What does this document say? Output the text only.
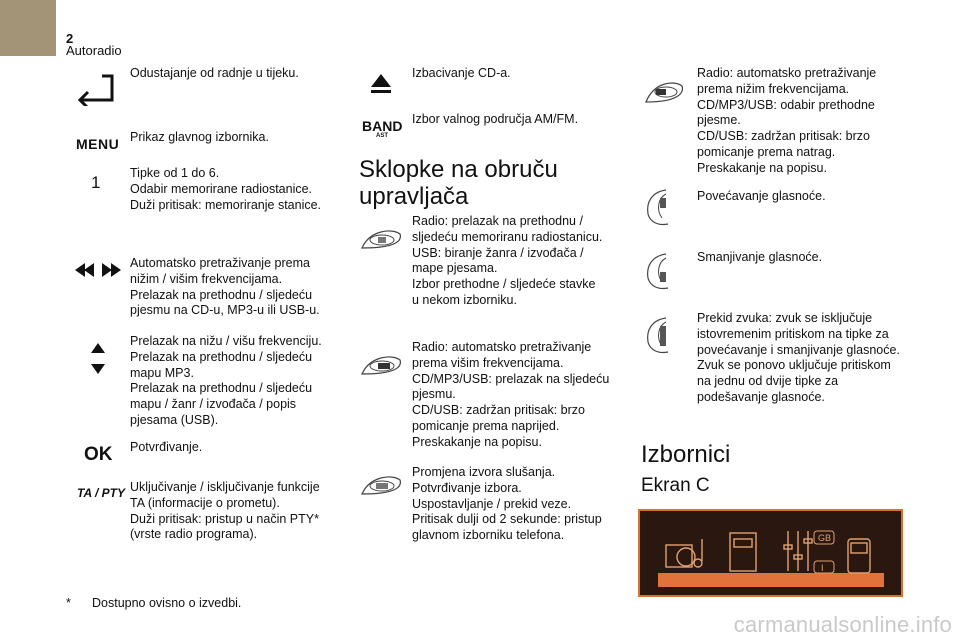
2
Autoradio
Odustajanje od radnje u tijeku.
MENU Prikaz glavnog izbornika.
1 Tipke od 1 do 6.
Odabir memorirane radiostanice.
Duži pritisak: memoriranje stanice.
Automatsko pretraživanje prema
nižim / višim frekvencijama.
Prelazak na prethodnu / sljedeću
pjesmu na CD-u, MP3-u ili USB-u.
Prelazak na nižu / višu frekvenciju.
Prelazak na prethodnu / sljedeću
mapu MP3.
Prelazak na prethodnu / sljedeću
mapu / žanr / izvođača / popis
pjesama (USB).
OK Potvrđivanje.
TA / PTY Uključivanje / isključivanje funkcije
TA (informacije o prometu).
Duži pritisak: pristup u način PTY*
(vrste radio programa).
Izbacivanje CD-a.
BAND
AST
Izbor valnog područja AM/FM.
Sklopke na obruču
upravljača
Radio: prelazak na prethodnu /
sljedeću memoriranu radiostanicu.
USB: biranje žanra / izvođača /
mape pjesama.
Izbor prethodne / sljedeće stavke
u nekom izborniku.
Radio: automatsko pretraživanje
prema višim frekvencijama.
CD/MP3/USB: prelazak na sljedeću
pjesmu.
CD/USB: zadržan pritisak: brzo
pomicanje prema naprijed.
Preskakanje na popisu.
Promjena izvora slušanja.
Potvrđivanje izbora.
Uspostavljanje / prekid veze.
Pritisak dulji od 2 sekunde: pristup
glavnom izborniku telefona.
Radio: automatsko pretraživanje
prema nižim frekvencijama.
CD/MP3/USB: odabir prethodne
pjesme.
CD/USB: zadržan pritisak: brzo
pomicanje prema natrag.
Preskakanje na popisu.
Povećavanje glasnoće.
Smanjivanje glasnoće.
Prekid zvuka: zvuk se isključuje
istovremenim pritiskom na tipke za
povećavanje i smanjivanje glasnoće.
Zvuk se ponovo uključuje pritiskom
na jednu od dvije tipke za
podešavanje glasnoće.
Izbornici
Ekran C
GB
I
* Dostupno ovisno o izvedbi.
carmanualsonline.info
